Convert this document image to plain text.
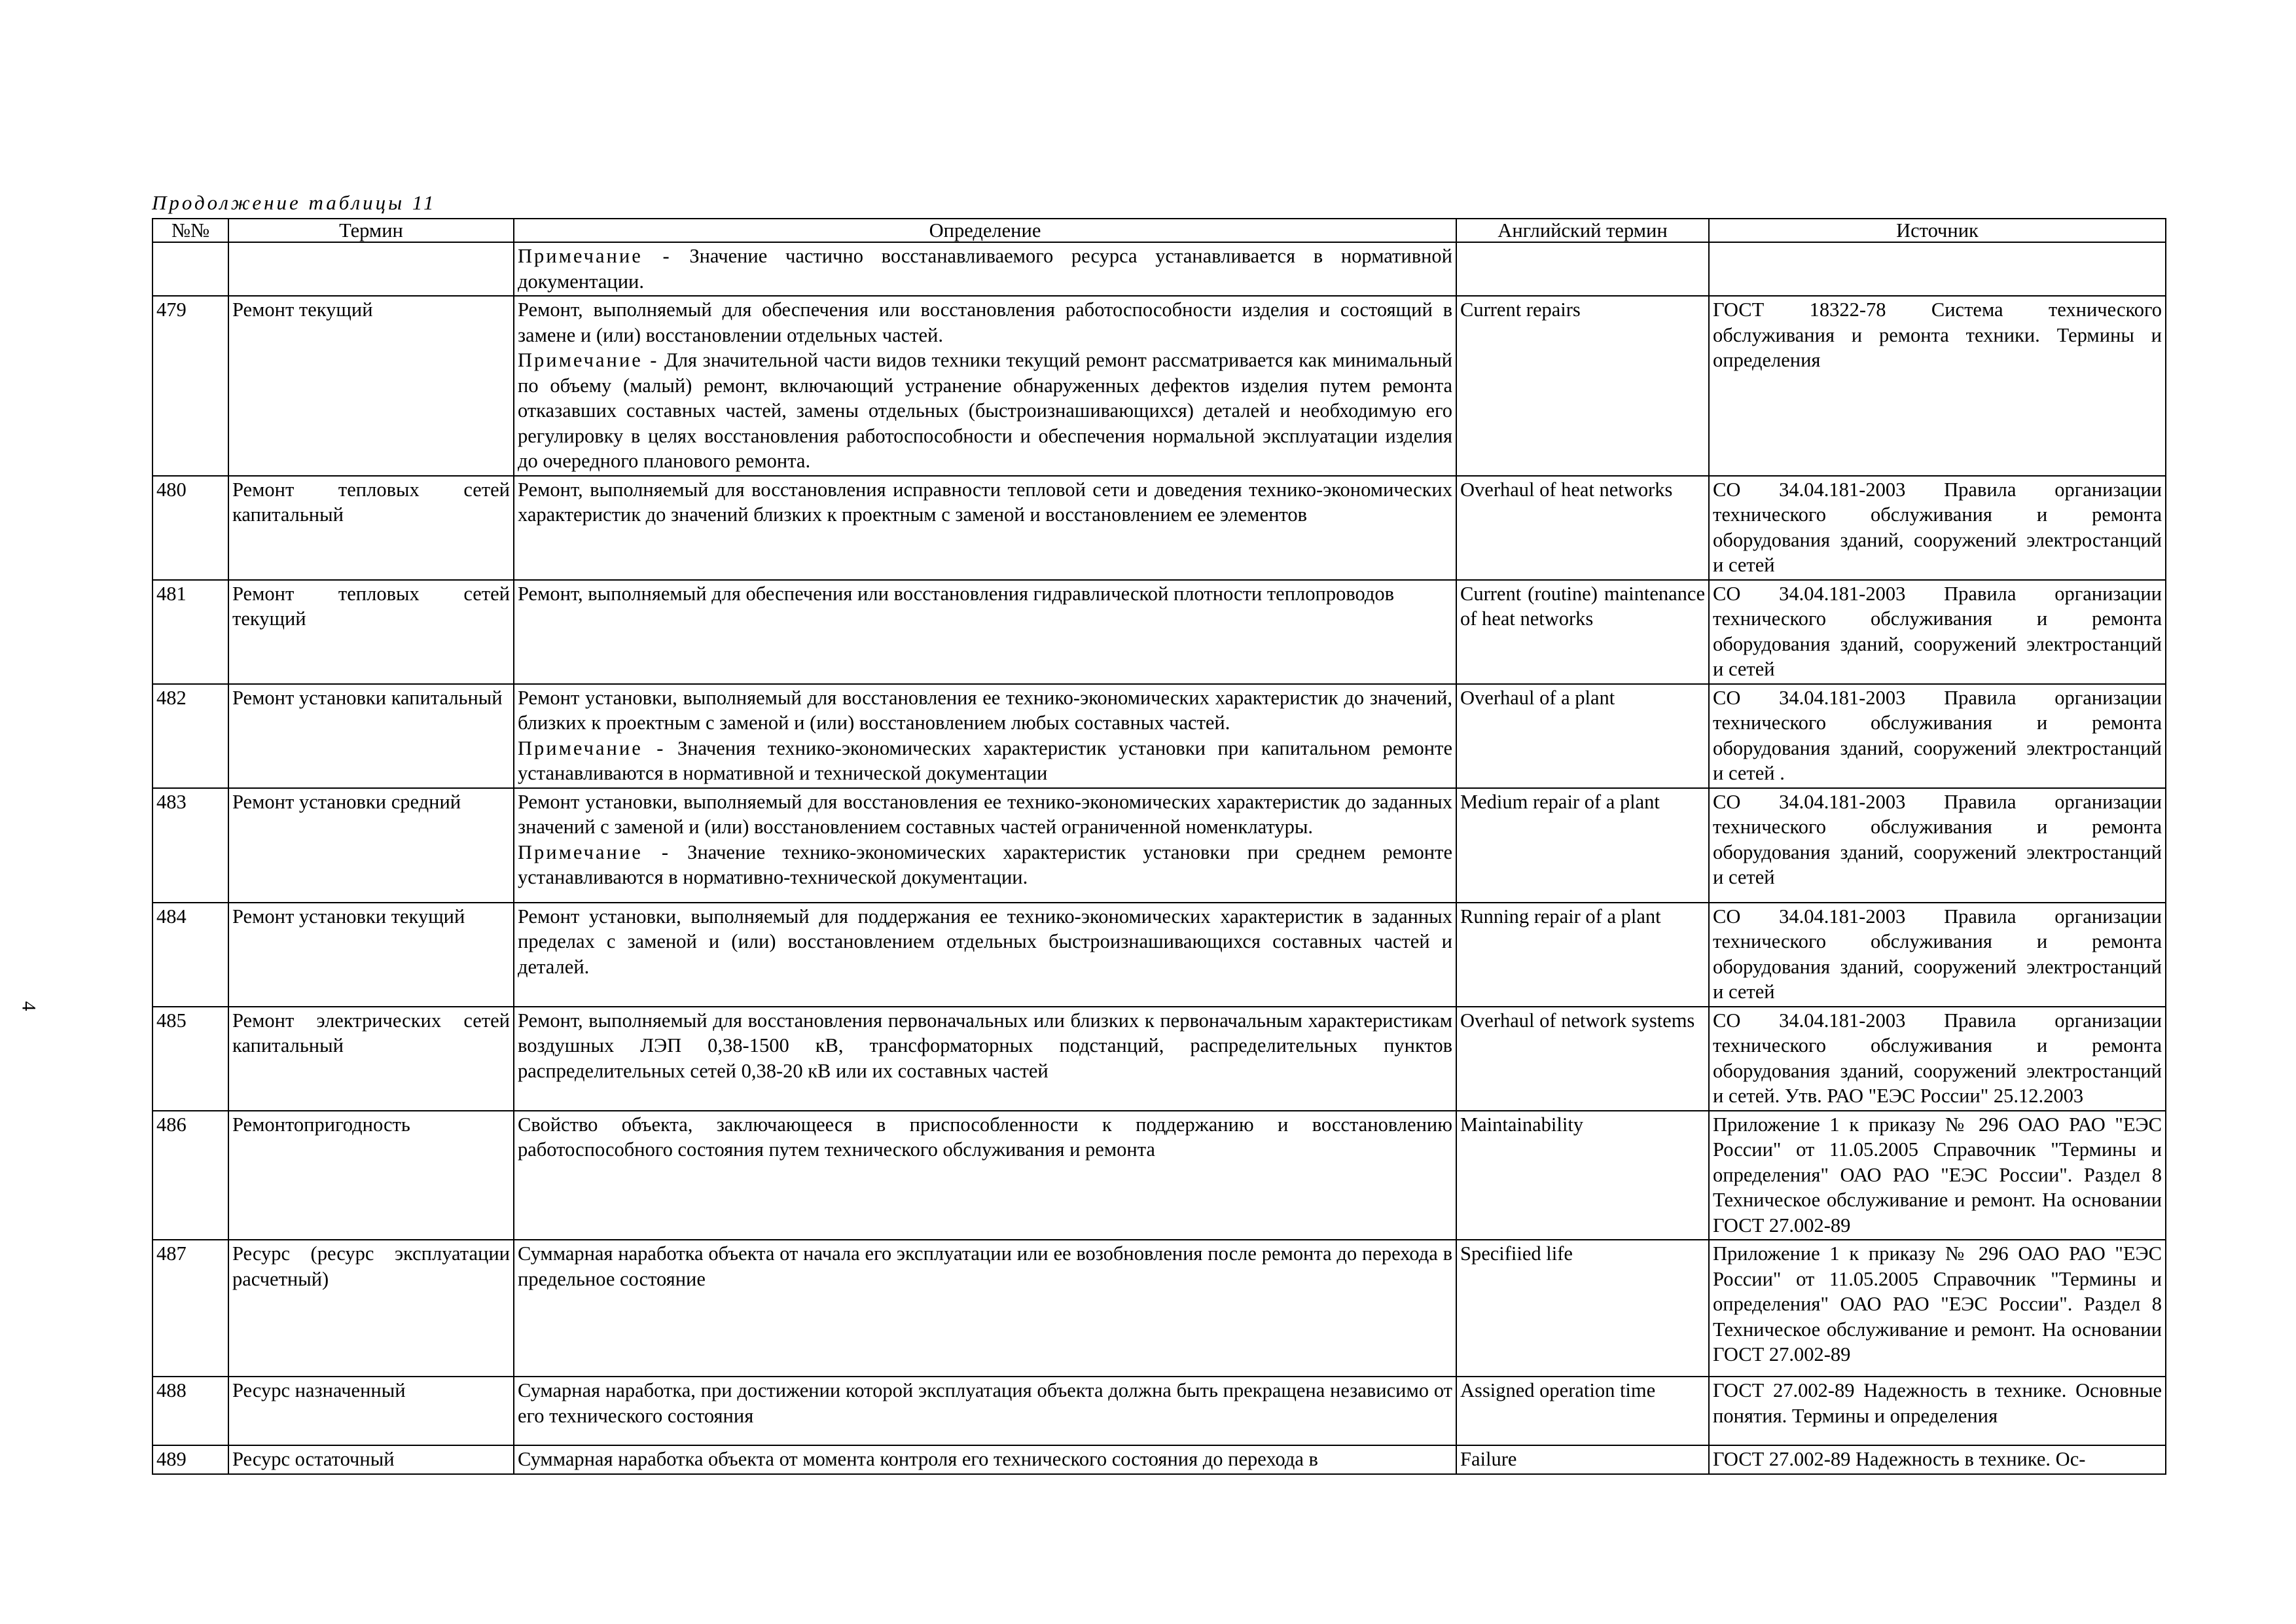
Продолжение таблицы 11
4
№№	Термин	Определение	Английский термин	Источник

		Примечание - Значение частично восстанавливаемого ресурса устанавливается в нормативной документации.		

479	Ремонт текущий	Ремонт, выполняемый для обеспечения или восстановления работоспособности изделия и состоящий в замене и (или) восстановлении отдельных частей.
Примечание - Для значительной части видов техники текущий ремонт рассматривается как минимальный по объему (малый) ремонт, включающий устранение обнаруженных дефектов изделия путем ремонта отказавших составных частей, замены отдельных (быстроизнашивающихся) деталей и необходимую его регулировку в целях восстановления работоспособности и обеспечения нормальной эксплуатации изделия до очередного планового ремонта.	Current repairs	ГОСТ 18322-78 Система технического обслуживания и ремонта техники. Термины и определения
480	Ремонт тепловых сетей капитальный	Ремонт, выполняемый для восстановления исправности тепловой сети и доведения технико-экономических характеристик до значений близких к проектным с заменой и восстановлением ее элементов	Overhaul of heat networks	СО 34.04.181-2003 Правила организации технического обслуживания и ремонта оборудования зданий, сооружений электростанций и сетей
481	Ремонт тепловых сетей текущий	Ремонт, выполняемый для обеспечения или восстановления гидравлической плотности теплопроводов	Current (routine) maintenance of heat networks	СО 34.04.181-2003 Правила организации технического обслуживания и ремонта оборудования зданий, сооружений электростанций и сетей
482	Ремонт установки капитальный	Ремонт установки, выполняемый для восстановления ее технико-экономических характеристик до значений, близких к проектным с заменой и (или) восстановлением любых составных частей.
Примечание - Значения технико-экономических характеристик установки при капитальном ремонте устанавливаются в нормативной и технической документации	Overhaul of a plant	СО 34.04.181-2003 Правила организации технического обслуживания и ремонта оборудования зданий, сооружений электростанций и сетей .
483	Ремонт установки средний	Ремонт установки, выполняемый для восстановления ее технико-экономических характеристик до заданных значений с заменой и (или) восстановлением составных частей ограниченной номенклатуры.
Примечание - Значение технико-экономических характеристик установки при среднем ремонте устанавливаются в нормативно-технической документации.	Medium repair of a plant	СО 34.04.181-2003 Правила организации технического обслуживания и ремонта оборудования зданий, сооружений электростанций и сетей
484	Ремонт установки текущий	Ремонт установки, выполняемый для поддержания ее технико-экономических характеристик в заданных пределах с заменой и (или) восстановлением отдельных быстроизнашивающихся составных частей и деталей.	Running repair of a plant	СО 34.04.181-2003 Правила организации технического обслуживания и ремонта оборудования зданий, сооружений электростанций и сетей
485	Ремонт электрических сетей капитальный	Ремонт, выполняемый для восстановления первоначальных или близких к первоначальным характеристикам воздушных ЛЭП 0,38-1500 кВ, трансформаторных подстанций, распределительных пунктов распределительных сетей 0,38-20 кВ или их составных частей	Overhaul of network systems	СО 34.04.181-2003 Правила организации технического обслуживания и ремонта оборудования зданий, сооружений электростанций и сетей. Утв. РАО "ЕЭС России" 25.12.2003
486	Ремонтопригодность	Свойство объекта, заключающееся в приспособленности к поддержанию и восстановлению работоспособного состояния путем технического обслуживания и ремонта	Maintainability	Приложение 1 к приказу № 296 ОАО РАО "ЕЭС России" от 11.05.2005 Справочник "Термины и определения" ОАО РАО "ЕЭС России". Раздел 8 Техническое обслуживание и ремонт. На основании ГОСТ 27.002-89
487	Ресурс (ресурс эксплуатации расчетный)	Суммарная наработка объекта от начала его эксплуатации или ее возобновления после ремонта до перехода в предельное состояние	Specifiied life	Приложение 1 к приказу № 296 ОАО РАО "ЕЭС России" от 11.05.2005 Справочник "Термины и определения" ОАО РАО "ЕЭС России". Раздел 8 Техническое обслуживание и ремонт. На основании ГОСТ 27.002-89
488	Ресурс назначенный	Сумарная наработка, при достижении которой эксплуатация объекта должна быть прекращена независимо от его технического состояния	Assigned operation time	ГОСТ 27.002-89 Надежность в технике. Основные понятия. Термины и определения
489	Ресурс остаточный	Суммарная наработка объекта от момента контроля его технического состояния до перехода в	Failure	ГОСТ 27.002-89 Надежность в технике. Ос-
